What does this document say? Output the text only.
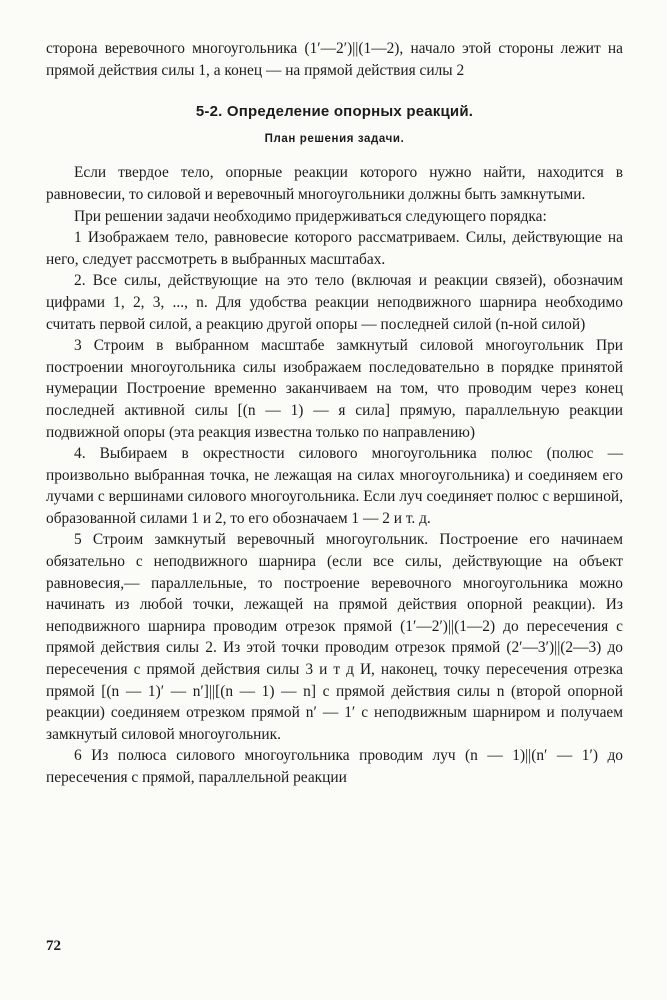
сторона веревочного многоугольника (1′—2′)||(1—2), начало этой стороны лежит на прямой действия силы 1, а конец — на прямой действия силы 2

5-2. Определение опорных реакций.

План решения задачи.

Если твердое тело, опорные реакции которого нужно найти, находится в равновесии, то силовой и веревочный многоугольники должны быть замкнутыми.

При решении задачи необходимо придерживаться следующего порядка:

1 Изображаем тело, равновесие которого рассматриваем. Силы, действующие на него, следует рассмотреть в выбранных масштабах.

2. Все силы, действующие на это тело (включая и реакции связей), обозначим цифрами 1, 2, 3, ..., n. Для удобства реакции неподвижного шарнира необходимо считать первой силой, а реакцию другой опоры — последней силой (n-ной силой)

3 Строим в выбранном масштабе замкнутый силовой многоугольник При построении многоугольника силы изображаем последовательно в порядке принятой нумерации Построение временно заканчиваем на том, что проводим через конец последней активной силы [(n — 1) — я сила] прямую, параллельную реакции подвижной опоры (эта реакция известна только по направлению)

4. Выбираем в окрестности силового многоугольника полюс (полюс — произвольно выбранная точка, не лежащая на силах многоугольника) и соединяем его лучами с вершинами силового многоугольника. Если луч соединяет полюс с вершиной, образованной силами 1 и 2, то его обозначаем 1 — 2 и т. д.

5 Строим замкнутый веревочный многоугольник. Построение его начинаем обязательно с неподвижного шарнира (если все силы, действующие на объект равновесия,— параллельные, то построение веревочного многоугольника можно начинать из любой точки, лежащей на прямой действия опорной реакции). Из неподвижного шарнира проводим отрезок прямой (1′—2′)||(1—2) до пересечения с прямой действия силы 2. Из этой точки проводим отрезок прямой (2′—3′)||(2—3) до пересечения с прямой действия силы 3 и т д И, наконец, точку пересечения отрезка прямой [(n — 1)′ — n′]||[(n — 1) — n] с прямой действия силы n (второй опорной реакции) соединяем отрезком прямой n′ — 1′ с неподвижным шарниром и получаем замкнутый силовой многоугольник.

6 Из полюса силового многоугольника проводим луч (n — 1)||(n′ — 1′) до пересечения с прямой, параллельной реакции

72
